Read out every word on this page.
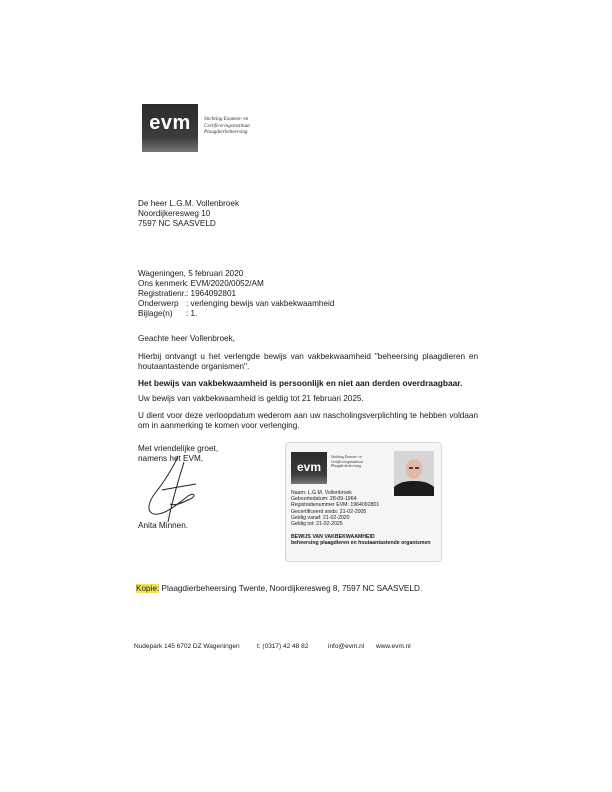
evm	Stichting Examen- en
Certificeringsinstituut
Plaagdierbeheersing
De heer L.G.M. Vollenbroek
Noordijkeresweg 10
7597 NC SAASVELD
Wageningen, 5 februari 2020
Ons kenmerk : EVM/2020/0052/AM
Registratienr. : 1964092801
Onderwerp : verlenging bewijs van vakbekwaamheid
Bijlage(n)	: 1.
Geachte heer Vollenbroek,
Hierbij ontvangt u het verlengde bewijs van vakbekwaamheid "beheersing plaagdieren en houtaantastende organismen".
Het bewijs van vakbekwaamheid is persoonlijk en niet aan derden overdraagbaar.
Uw bewijs van vakbekwaamheid is geldig tot 21 februari 2025.
U dient voor deze verloopdatum wederom aan uw nascholingsverplichting te hebben voldaan om in aanmerking te komen voor verlenging.
Met vriendelijke groet,
namens het EVM,
Anita Minnen.
evm
Stichting Examen- en
Certificeringsinstituut
Plaagdierbeheersing
Naam: L.G.M. Vollenbroek
Geboortedatum: 28-09-1964
Registratienummer EVM: 1964092801
Gecertificeerd sinds: 21-02-2005
Geldig vanaf: 21-02-2020
Geldig tot: 21-02-2025
BEWIJS VAN VAKBEKWAAMHEID
beheersing plaagdieren en houtaantastende organismen
Kopie: Plaagdierbeheersing Twente, Noordijkeresweg 8, 7597 NC SAASVELD.
Nudepark 145 6702 DZ Wageningen	t: (0317) 42 48 82	info@evm.nl www.evm.nl
